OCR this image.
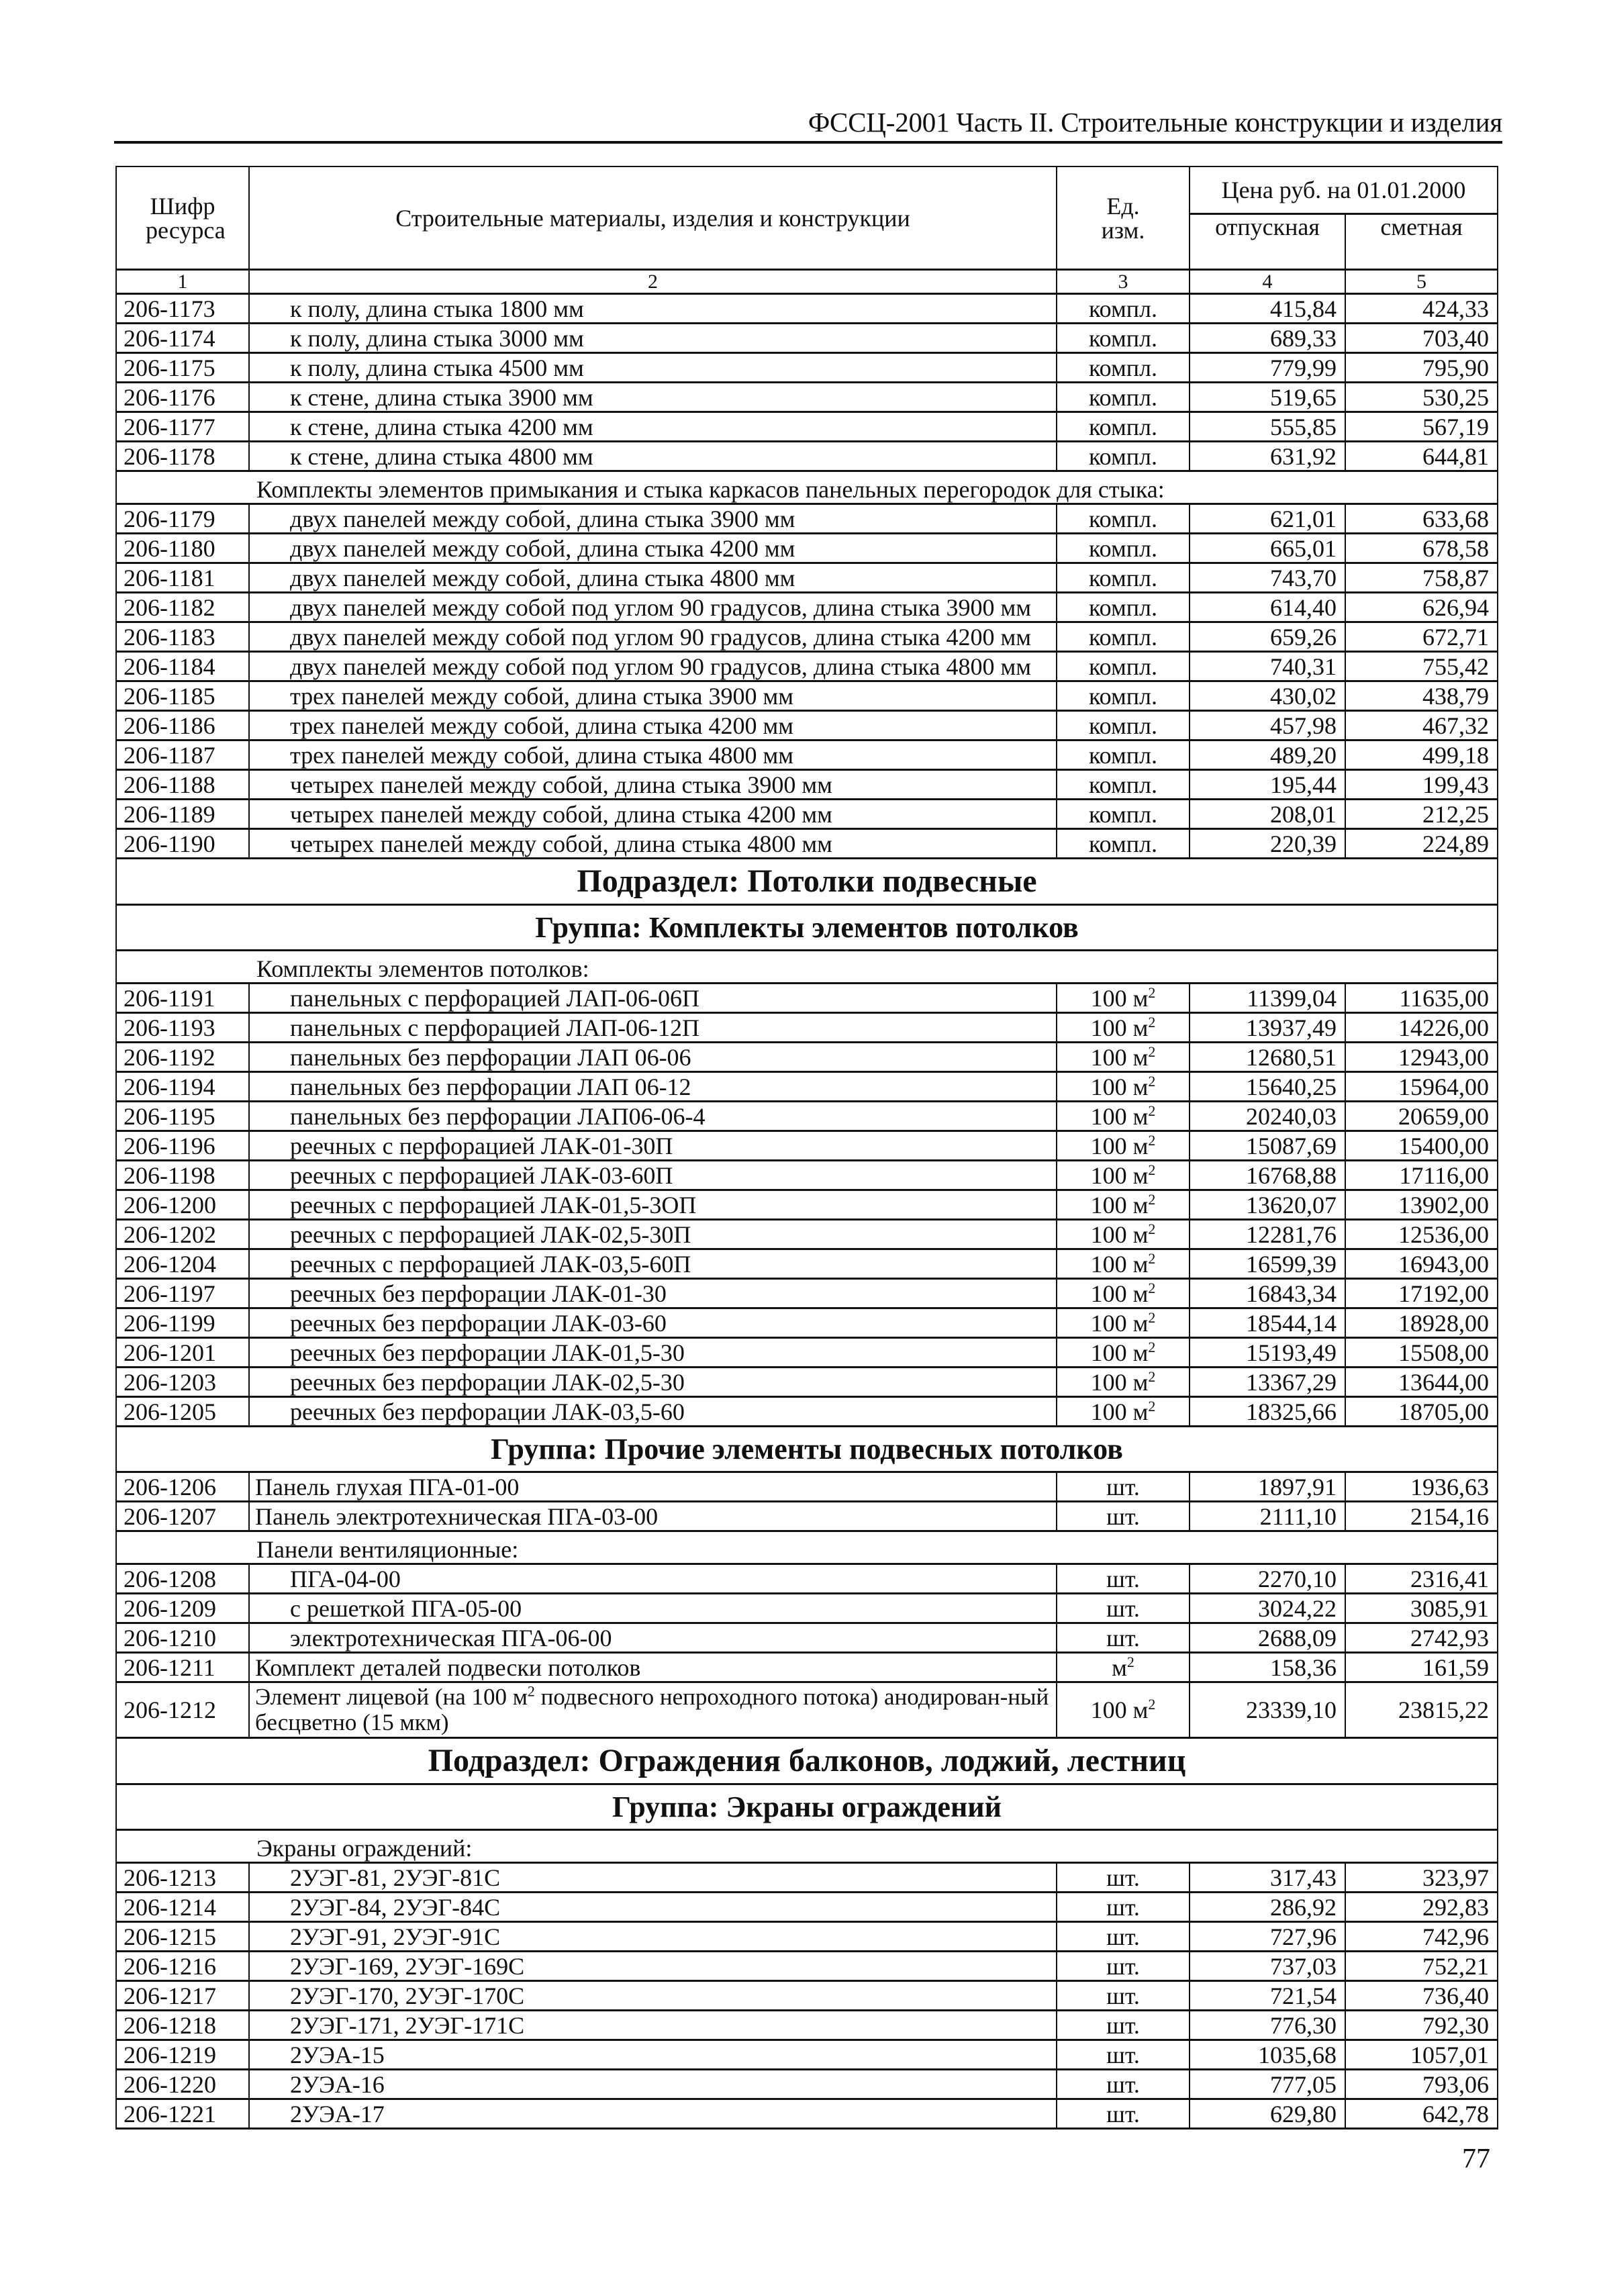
ФССЦ-2001 Часть II. Строительные конструкции и изделия
Шифр ресурса	Строительные материалы, изделия и конструкции	Ед. изм.	Цена руб. на 01.01.2000	
			отпускная	сметная
1	2	3	4	5
206-1173	к полу, длина стыка 1800 мм	компл.	415,84	424,33
206-1174	к полу, длина стыка 3000 мм	компл.	689,33	703,40
206-1175	к полу, длина стыка 4500 мм	компл.	779,99	795,90
206-1176	к стене, длина стыка 3900 мм	компл.	519,65	530,25
206-1177	к стене, длина стыка 4200 мм	компл.	555,85	567,19
206-1178	к стене, длина стыка 4800 мм	компл.	631,92	644,81
Комплекты элементов примыкания и стыка каркасов панельных перегородок для стыка:				
206-1179	двух панелей между собой, длина стыка 3900 мм	компл.	621,01	633,68
206-1180	двух панелей между собой, длина стыка 4200 мм	компл.	665,01	678,58
206-1181	двух панелей между собой, длина стыка 4800 мм	компл.	743,70	758,87
206-1182	двух панелей между собой под углом 90 градусов, длина стыка 3900 мм	компл.	614,40	626,94
206-1183	двух панелей между собой под углом 90 градусов, длина стыка 4200 мм	компл.	659,26	672,71
206-1184	двух панелей между собой под углом 90 градусов, длина стыка 4800 мм	компл.	740,31	755,42
206-1185	трех панелей между собой, длина стыка 3900 мм	компл.	430,02	438,79
206-1186	трех панелей между собой, длина стыка 4200 мм	компл.	457,98	467,32
206-1187	трех панелей между собой, длина стыка 4800 мм	компл.	489,20	499,18
206-1188	четырех панелей между собой, длина стыка 3900 мм	компл.	195,44	199,43
206-1189	четырех панелей между собой, длина стыка 4200 мм	компл.	208,01	212,25
206-1190	четырех панелей между собой, длина стыка 4800 мм	компл.	220,39	224,89
Подраздел: Потолки подвесные				
Группа: Комплекты элементов потолков				
Комплекты элементов потолков:				
206-1191	панельных с перфорацией ЛАП-06-06П	100 $м^2$	11399,04	11635,00
206-1193	панельных с перфорацией ЛАП-06-12П	100 $м^2$	13937,49	14226,00
206-1192	панельных без перфорации ЛАП 06-06	100 $м^2$	12680,51	12943,00
206-1194	панельных без перфорации ЛАП 06-12	100 $м^2$	15640,25	15964,00
206-1195	панельных без перфорации ЛАП06-06-4	100 $м^2$	20240,03	20659,00
206-1196	реечных с перфорацией ЛАК-01-30П	100 $м^2$	15087,69	15400,00
206-1198	реечных с перфорацией ЛАК-03-60П	100 $м^2$	16768,88	17116,00
206-1200	реечных с перфорацией ЛАК-01,5-3ОП	100 $м^2$	13620,07	13902,00
206-1202	реечных с перфорацией ЛАК-02,5-30П	100 $м^2$	12281,76	12536,00
206-1204	реечных с перфорацией ЛАК-03,5-60П	100 $м^2$	16599,39	16943,00
206-1197	реечных без перфорации ЛАК-01-30	100 $м^2$	16843,34	17192,00
206-1199	реечных без перфорации ЛАК-03-60	100 $м^2$	18544,14	18928,00
206-1201	реечных без перфорации ЛАК-01,5-30	100 $м^2$	15193,49	15508,00
206-1203	реечных без перфорации ЛАК-02,5-30	100 $м^2$	13367,29	13644,00
206-1205	реечных без перфорации ЛАК-03,5-60	100 $м^2$	18325,66	18705,00
Группа: Прочие элементы подвесных потолков				
206-1206	Панель глухая ПГА-01-00	шт.	1897,91	1936,63
206-1207	Панель электротехническая ПГА-03-00	шт.	2111,10	2154,16
Панели вентиляционные:				
206-1208	ПГА-04-00	шт.	2270,10	2316,41
206-1209	с решеткой ПГА-05-00	шт.	3024,22	3085,91
206-1210	электротехническая ПГА-06-00	шт.	2688,09	2742,93
206-1211	Комплект деталей подвески потолков	$м^2$	158,36	161,59
206-1212	Элемент лицевой (на 100 $м^2$ подвесного непроходного потока) анодирован-ный бесцветно (15 мкм)	100 $м^2$	23339,10	23815,22
Подраздел: Ограждения балконов, лоджий, лестниц				
Группа: Экраны ограждений				
Экраны ограждений:				
206-1213	2УЭГ-81, 2УЭГ-81С	шт.	317,43	323,97
206-1214	2УЭГ-84, 2УЭГ-84С	шт.	286,92	292,83
206-1215	2УЭГ-91, 2УЭГ-91С	шт.	727,96	742,96
206-1216	2УЭГ-169, 2УЭГ-169С	шт.	737,03	752,21
206-1217	2УЭГ-170, 2УЭГ-170С	шт.	721,54	736,40
206-1218	2УЭГ-171, 2УЭГ-171С	шт.	776,30	792,30
206-1219	2УЭА-15	шт.	1035,68	1057,01
206-1220	2УЭА-16	шт.	777,05	793,06
206-1221	2УЭА-17	шт.	629,80	642,78
77
